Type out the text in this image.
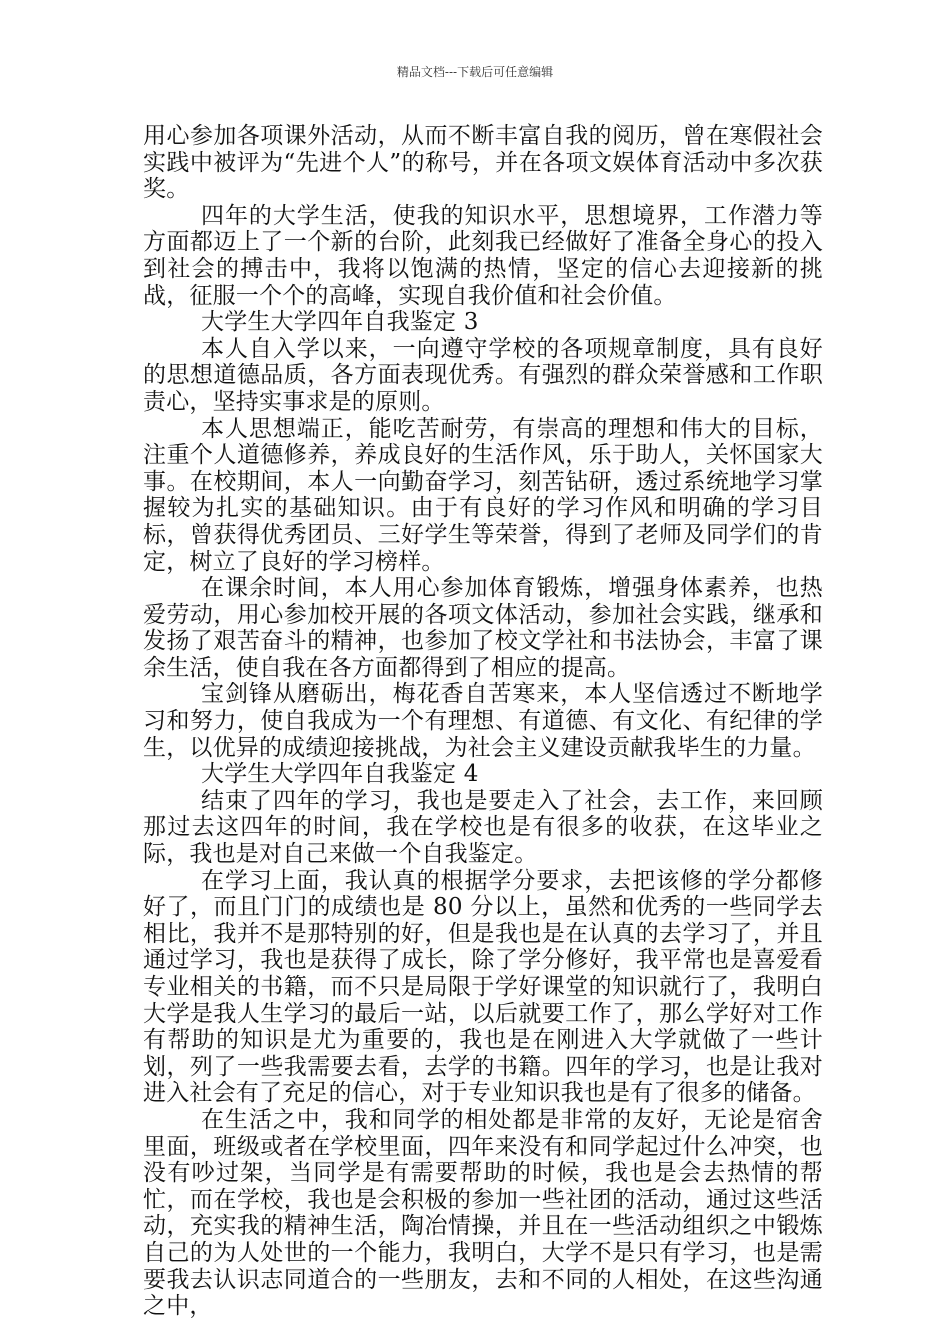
精品文档---下载后可任意编辑

用心参加各项课外活动，从而不断丰富自我的阅历，曾在寒假社会实践中被评为“先进个人”的称号，并在各项文娱体育活动中多次获奖。

四年的大学生活，使我的知识水平，思想境界，工作潜力等方面都迈上了一个新的台阶，此刻我已经做好了准备全身心的投入到社会的搏击中，我将以饱满的热情，坚定的信心去迎接新的挑战，征服一个个的高峰，实现自我价值和社会价值。

大学生大学四年自我鉴定 3

本人自入学以来，一向遵守学校的各项规章制度，具有良好的思想道德品质，各方面表现优秀。有强烈的群众荣誉感和工作职责心，坚持实事求是的原则。

本人思想端正，能吃苦耐劳，有崇高的理想和伟大的目标，注重个人道德修养，养成良好的生活作风，乐于助人，关怀国家大事。在校期间，本人一向勤奋学习，刻苦钻研，透过系统地学习掌握较为扎实的基础知识。由于有良好的学习作风和明确的学习目标，曾获得优秀团员、三好学生等荣誉，得到了老师及同学们的肯定，树立了良好的学习榜样。

在课余时间，本人用心参加体育锻炼，增强身体素养，也热爱劳动，用心参加校开展的各项文体活动，参加社会实践，继承和发扬了艰苦奋斗的精神，也参加了校文学社和书法协会，丰富了课余生活，使自我在各方面都得到了相应的提高。

宝剑锋从磨砺出，梅花香自苦寒来，本人坚信透过不断地学习和努力，使自我成为一个有理想、有道德、有文化、有纪律的学生，以优异的成绩迎接挑战，为社会主义建设贡献我毕生的力量。

大学生大学四年自我鉴定 4

结束了四年的学习，我也是要走入了社会，去工作，来回顾那过去这四年的时间，我在学校也是有很多的收获，在这毕业之际，我也是对自己来做一个自我鉴定。

在学习上面，我认真的根据学分要求，去把该修的学分都修好了，而且门门的成绩也是 80 分以上，虽然和优秀的一些同学去相比，我并不是那特别的好，但是我也是在认真的去学习了，并且通过学习，我也是获得了成长，除了学分修好，我平常也是喜爱看专业相关的书籍，而不只是局限于学好课堂的知识就行了，我明白大学是我人生学习的最后一站，以后就要工作了，那么学好对工作有帮助的知识是尤为重要的，我也是在刚进入大学就做了一些计划，列了一些我需要去看，去学的书籍。四年的学习，也是让我对进入社会有了充足的信心，对于专业知识我也是有了很多的储备。

在生活之中，我和同学的相处都是非常的友好，无论是宿舍里面，班级或者在学校里面，四年来没有和同学起过什么冲突，也没有吵过架，当同学是有需要帮助的时候，我也是会去热情的帮忙，而在学校，我也是会积极的参加一些社团的活动，通过这些活动，充实我的精神生活，陶冶情操，并且在一些活动组织之中锻炼自己的为人处世的一个能力，我明白，大学不是只有学习，也是需要我去认识志同道合的一些朋友，去和不同的人相处，在这些沟通之中，
